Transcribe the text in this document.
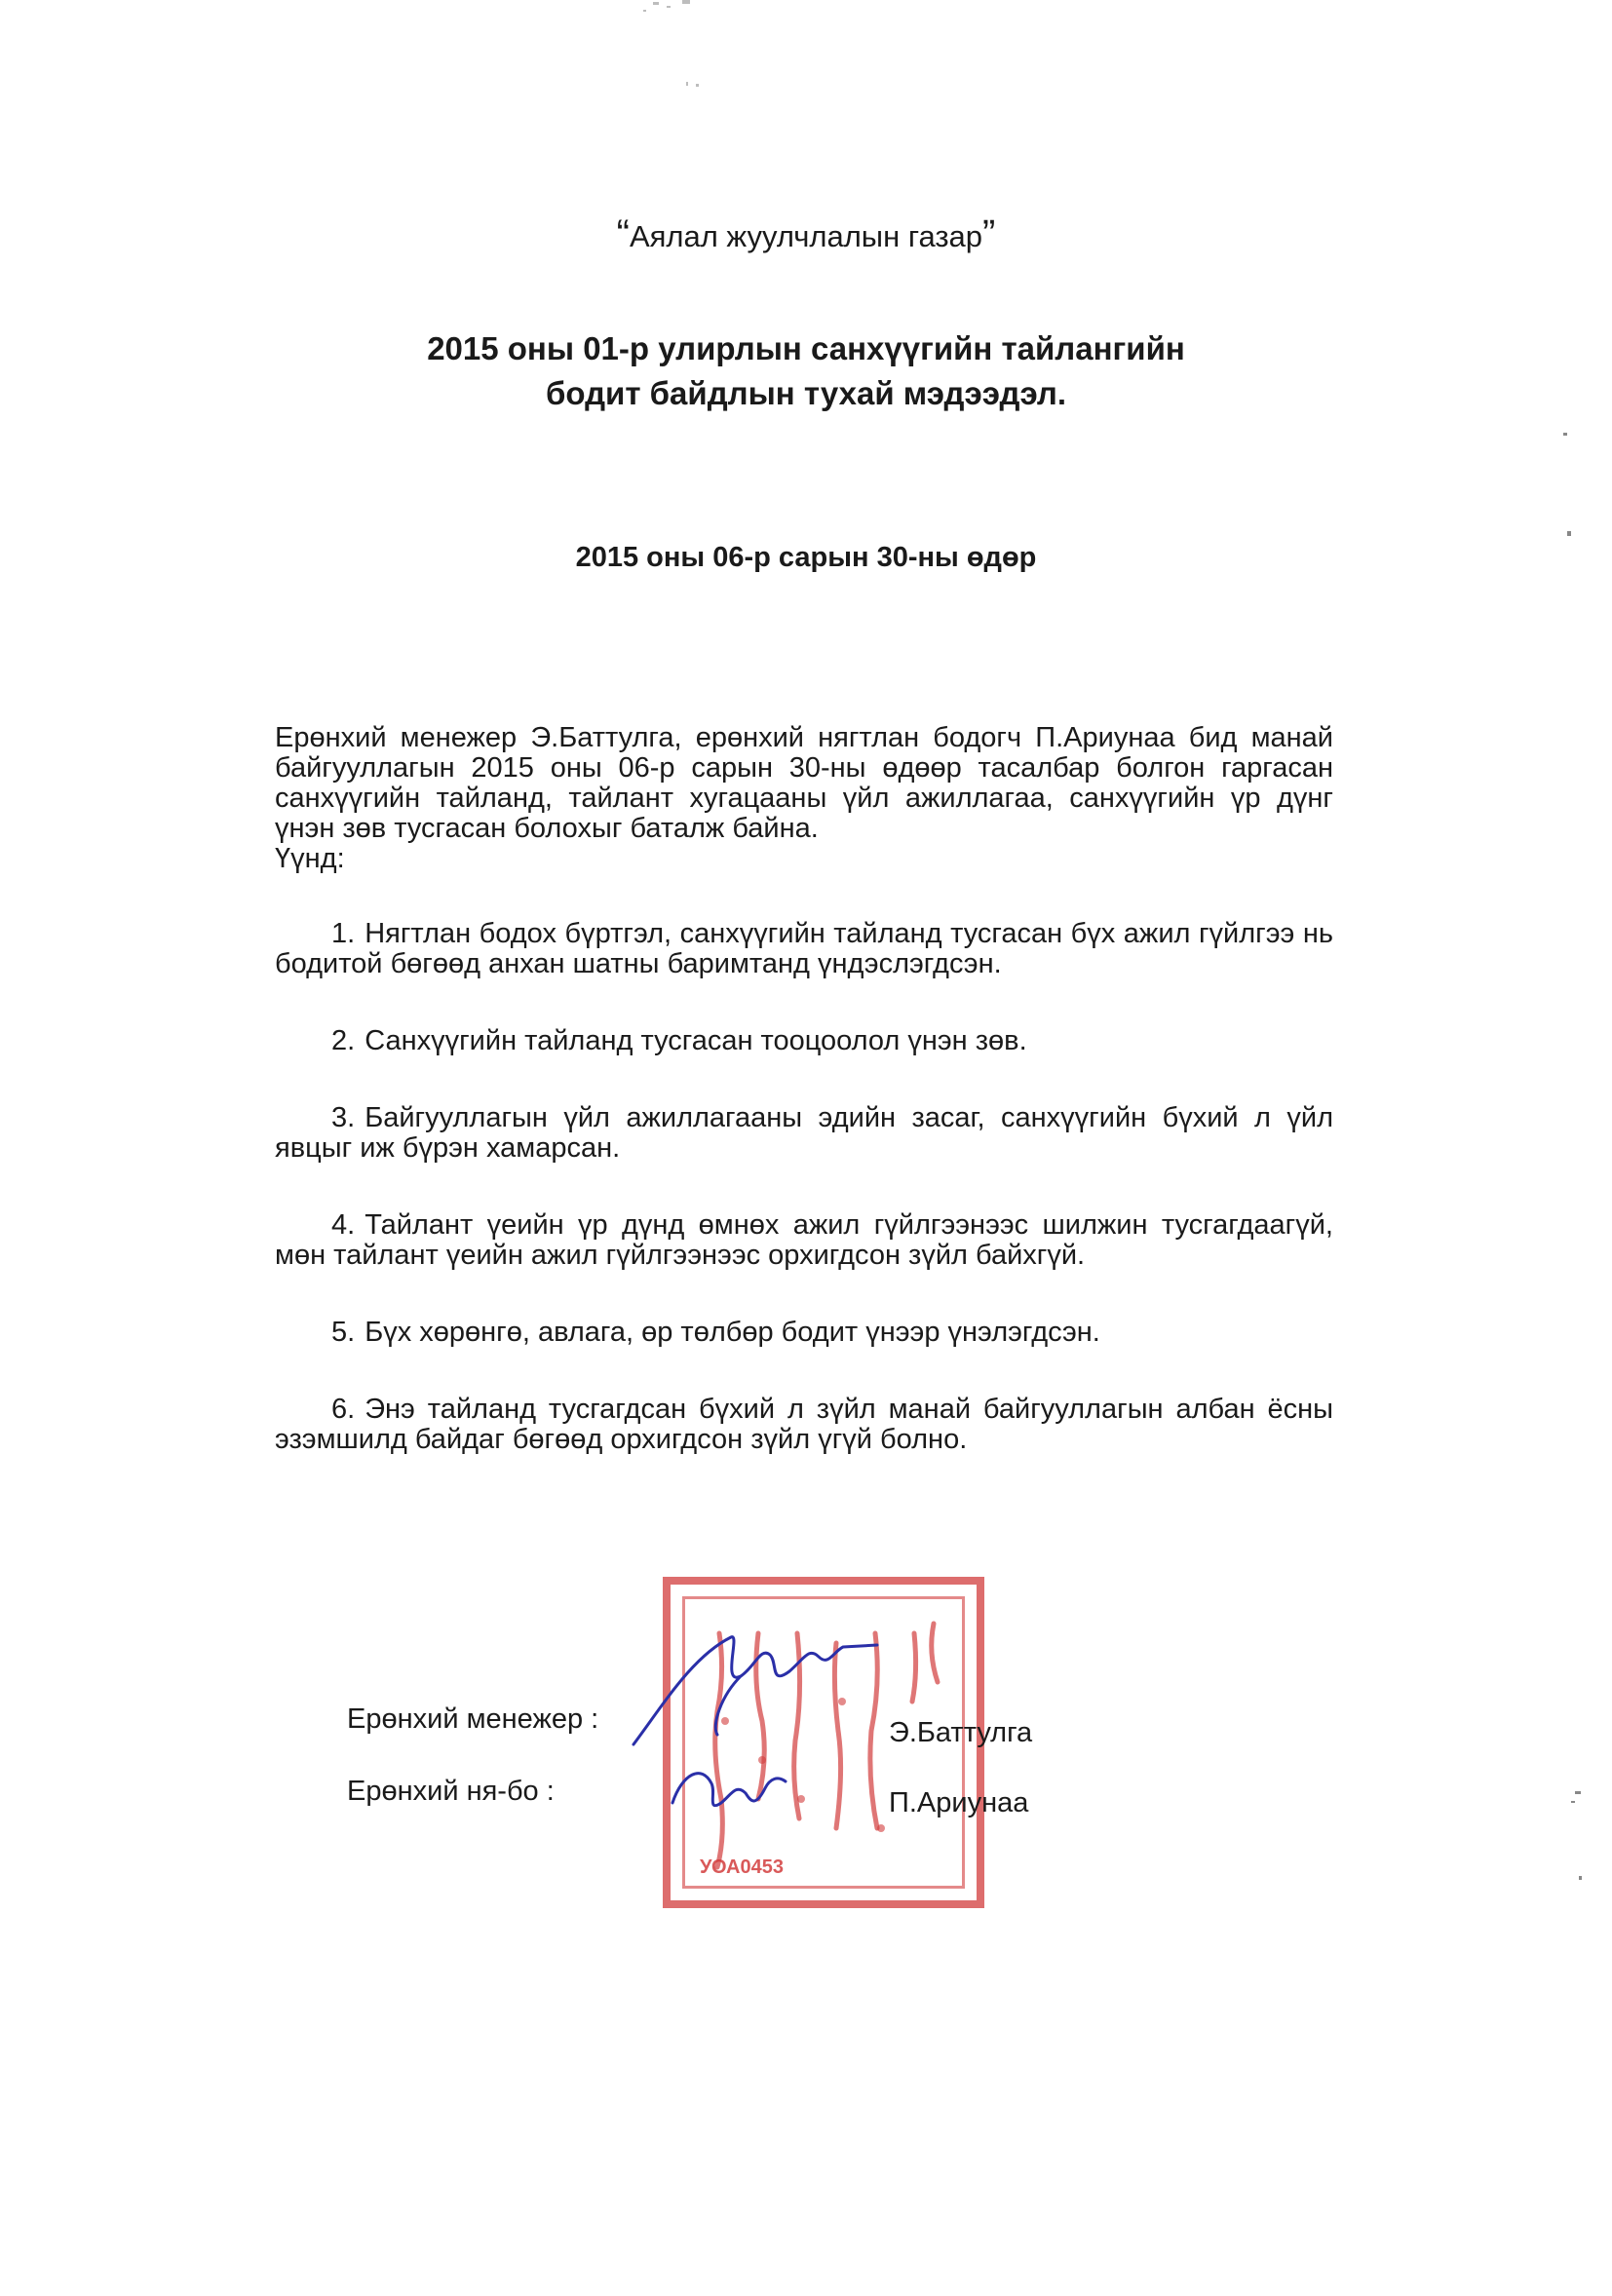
“Аялал жуулчлалын газар”
2015 оны 01-р улирлын санхүүгийн тайлангийн
бодит байдлын тухай мэдээдэл.
2015 оны 06-р сарын 30-ны өдөр

Ерөнхий менежер Э.Баттулга, ерөнхий нягтлан бодогч П.Ариунаа бид манай байгууллагын 2015 оны 06-р сарын 30-ны өдөөр тасалбар болгон гаргасан санхүүгийн тайланд, тайлант хугацааны үйл ажиллагаа, санхүүгийн үр дүнг үнэн зөв тусгасан болохыг баталж байна.

Үүнд:

1. Нягтлан бодох бүртгэл, санхүүгийн тайланд тусгасан бүх ажил гүйлгээ нь бодитой бөгөөд анхан шатны баримтанд үндэслэгдсэн.

2. Санхүүгийн тайланд тусгасан тооцоолол үнэн зөв.

3. Байгууллагын үйл ажиллагааны эдийн засаг, санхүүгийн бүхий л үйл явцыг иж бүрэн хамарсан.

4. Тайлант үеийн үр дүнд өмнөх ажил гүйлгээнээс шилжин тусгагдаагүй, мөн тайлант үеийн ажил гүйлгээнээс орхигдсон зүйл байхгүй.

5. Бүх хөрөнгө, авлага, өр төлбөр бодит үнээр үнэлэгдсэн.

6. Энэ тайланд тусгагдсан бүхий л зүйл манай байгууллагын албан ёсны эзэмшилд байдаг бөгөөд орхигдсон зүйл үгүй болно.

УОА0453
Ерөнхий менежер :	Э.Баттулга
Ерөнхий ня-бо :	П.Ариунаа
